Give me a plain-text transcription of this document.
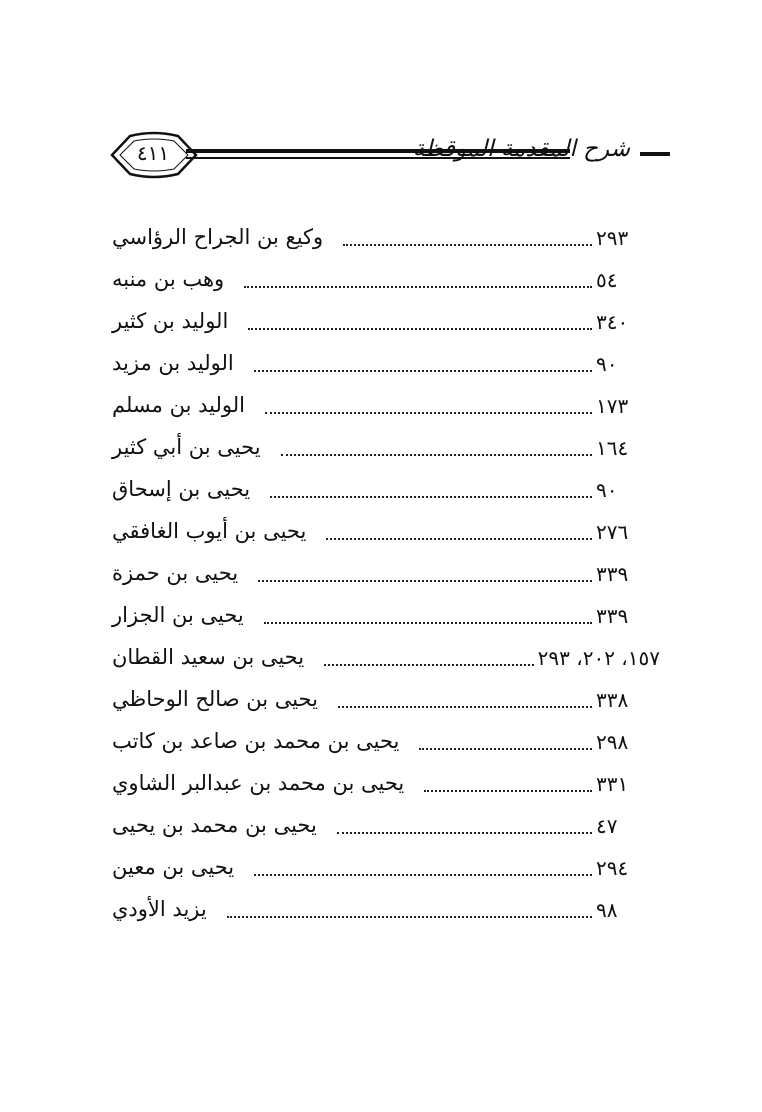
٤١١	شرح المقدمة الموقظة
وكيع بن الجراح الرؤاسي	٢٩٣
وهب بن منبه	٥٤
الوليد بن كثير	٣٤٠
الوليد بن مزيد	٩٠
الوليد بن مسلم	١٧٣
يحيى بن أبي كثير	١٦٤
يحيى بن إسحاق	٩٠
يحيى بن أيوب الغافقي	٢٧٦
يحيى بن حمزة	٣٣٩
يحيى بن الجزار	٣٣٩
يحيى بن سعيد القطان	١٥٧، ٢٠٢، ٢٩٣
يحيى بن صالح الوحاظي	٣٣٨
يحيى بن محمد بن صاعد بن كاتب	٢٩٨
يحيى بن محمد بن عبدالبر الشاوي	٣٣١
يحيى بن محمد بن يحيى	٤٧
يحيى بن معين	٢٩٤
يزيد الأودي	٩٨
